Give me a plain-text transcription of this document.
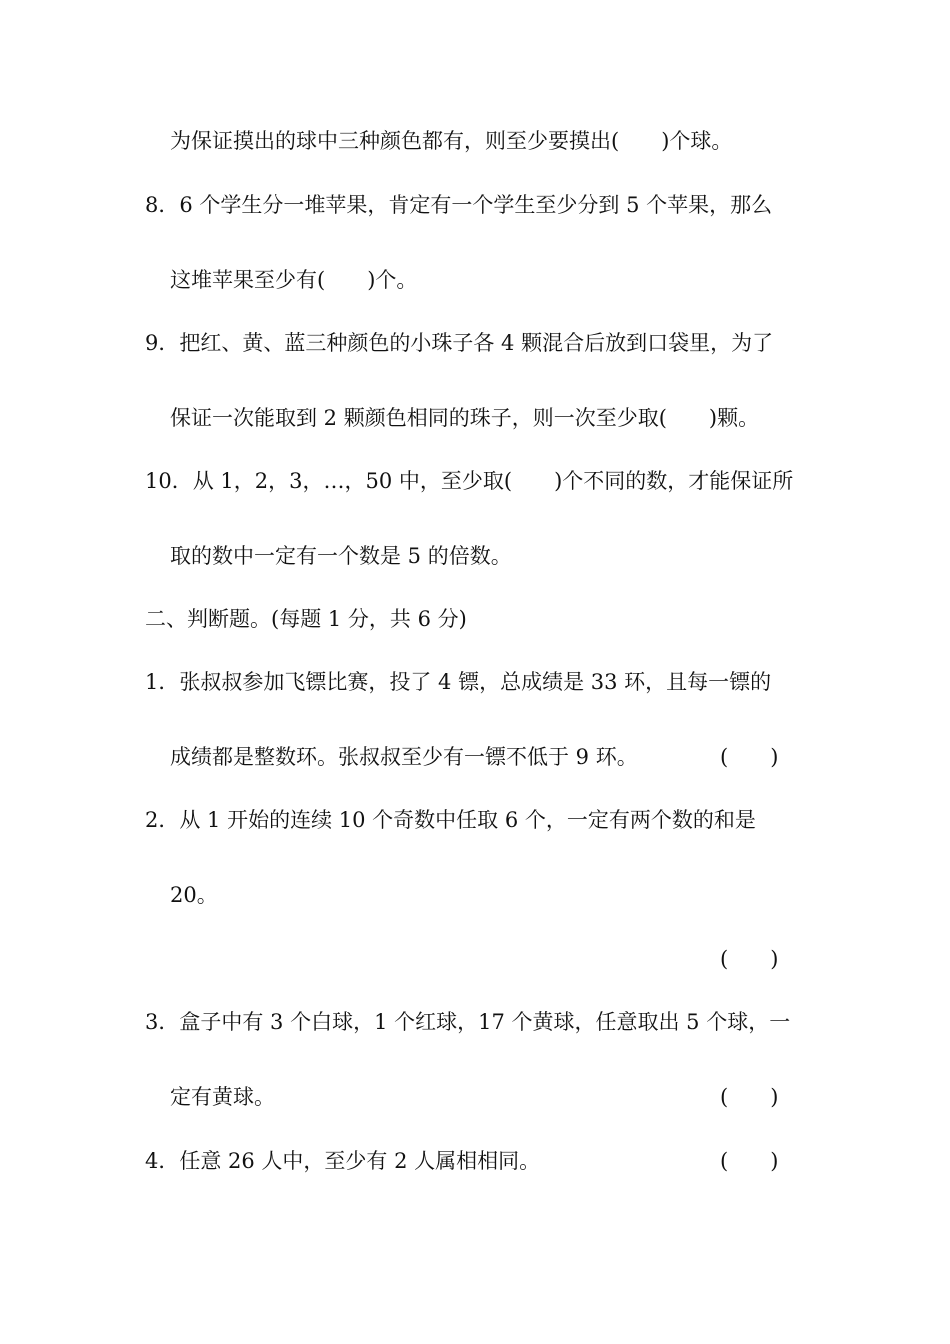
为保证摸出的球中三种颜色都有，则至少要摸出(　　)个球。

8．6 个学生分一堆苹果，肯定有一个学生至少分到 5 个苹果，那么

这堆苹果至少有(　　)个。

9．把红、黄、蓝三种颜色的小珠子各 4 颗混合后放到口袋里，为了

保证一次能取到 2 颗颜色相同的珠子，则一次至少取(　　)颗。

10．从 1，2，3，…，50 中，至少取(　　)个不同的数，才能保证所

取的数中一定有一个数是 5 的倍数。

二、判断题。(每题 1 分，共 6 分)

1．张叔叔参加飞镖比赛，投了 4 镖，总成绩是 33 环，且每一镖的

成绩都是整数环。张叔叔至少有一镖不低于 9 环。	(　　)

2．从 1 开始的连续 10 个奇数中任取 6 个，一定有两个数的和是

20。

(　　)

3．盒子中有 3 个白球，1 个红球，17 个黄球，任意取出 5 个球，一

定有黄球。	(　　)

4．任意 26 人中，至少有 2 人属相相同。	(　　)
